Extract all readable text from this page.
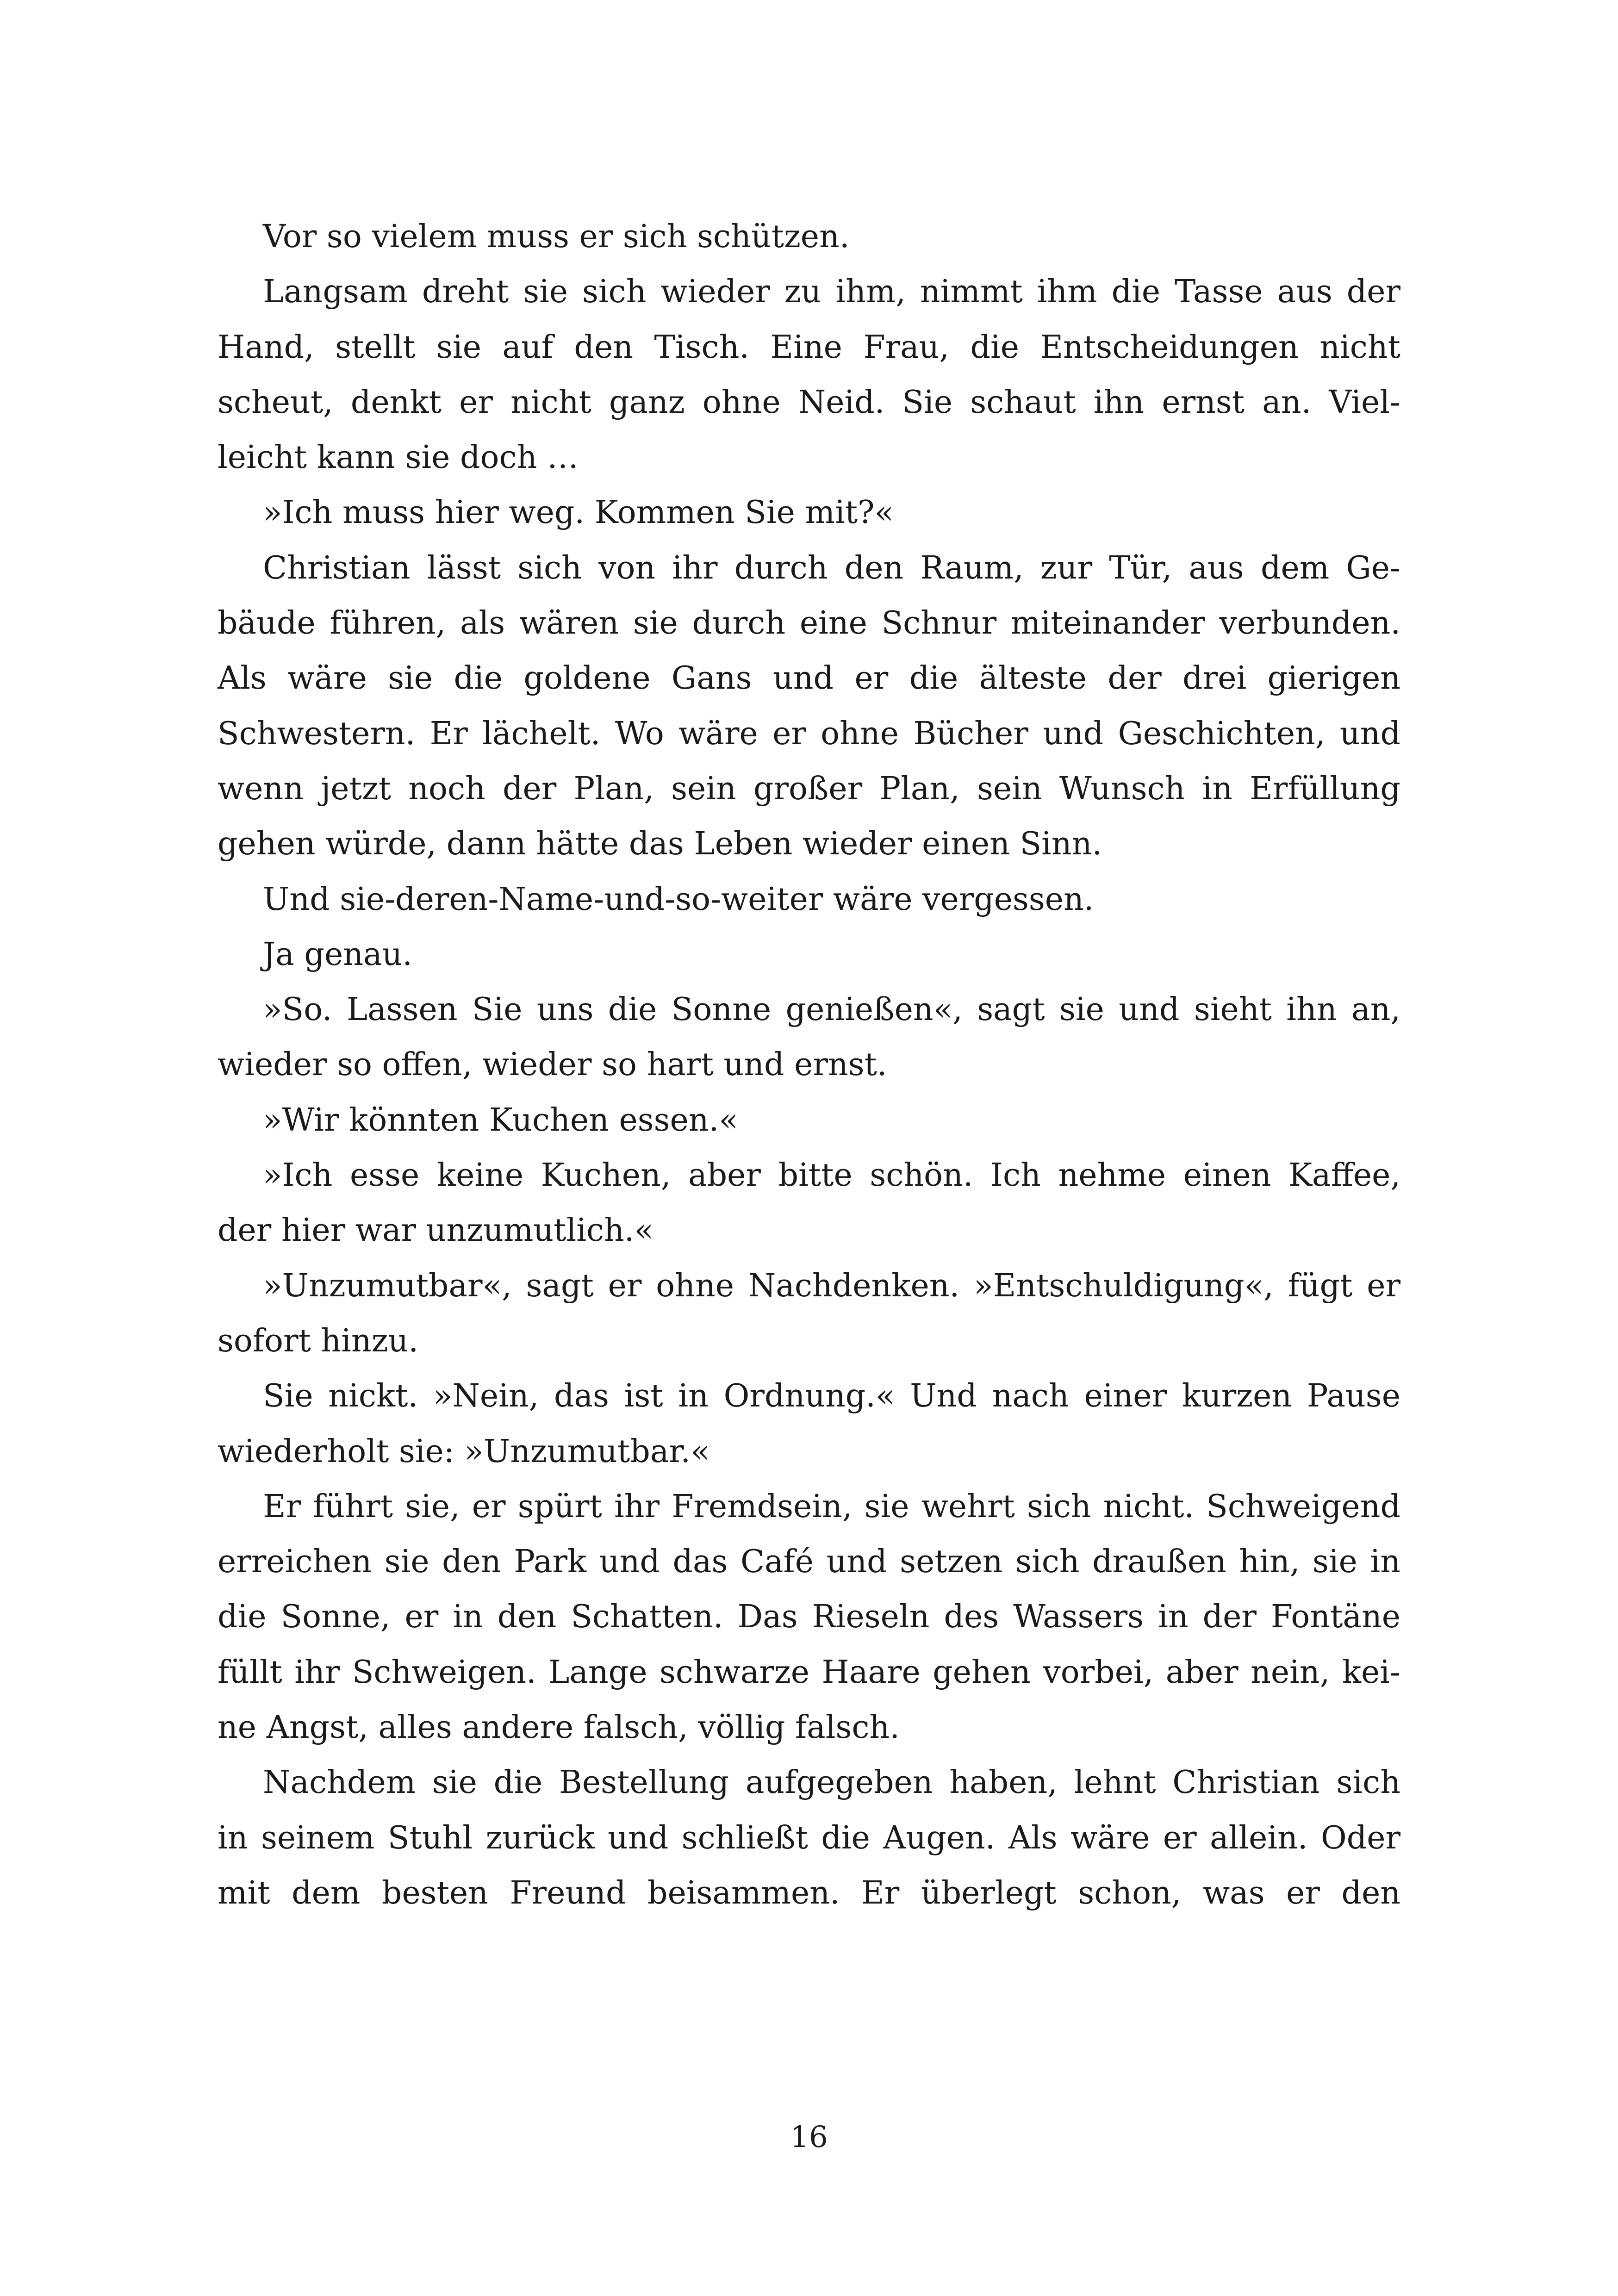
Vor so vielem muss er sich schützen.
Langsam dreht sie sich wieder zu ihm, nimmt ihm die Tasse aus der
Hand, stellt sie auf den Tisch. Eine Frau, die Entscheidungen nicht
scheut, denkt er nicht ganz ohne Neid. Sie schaut ihn ernst an. Viel-
leicht kann sie doch …
»Ich muss hier weg. Kommen Sie mit?«
Christian lässt sich von ihr durch den Raum, zur Tür, aus dem Ge-
bäude führen, als wären sie durch eine Schnur miteinander verbunden.
Als wäre sie die goldene Gans und er die älteste der drei gierigen
Schwestern. Er lächelt. Wo wäre er ohne Bücher und Geschichten, und
wenn jetzt noch der Plan, sein großer Plan, sein Wunsch in Erfüllung
gehen würde, dann hätte das Leben wieder einen Sinn.
Und sie-deren-Name-und-so-weiter wäre vergessen.
Ja genau.
»So. Lassen Sie uns die Sonne genießen«, sagt sie und sieht ihn an,
wieder so offen, wieder so hart und ernst.
»Wir könnten Kuchen essen.«
»Ich esse keine Kuchen, aber bitte schön. Ich nehme einen Kaffee,
der hier war unzumutlich.«
»Unzumutbar«, sagt er ohne Nachdenken. »Entschuldigung«, fügt er
sofort hinzu.
Sie nickt. »Nein, das ist in Ordnung.« Und nach einer kurzen Pause
wiederholt sie: »Unzumutbar.«
Er führt sie, er spürt ihr Fremdsein, sie wehrt sich nicht. Schweigend
erreichen sie den Park und das Café und setzen sich draußen hin, sie in
die Sonne, er in den Schatten. Das Rieseln des Wassers in der Fontäne
füllt ihr Schweigen. Lange schwarze Haare gehen vorbei, aber nein, kei-
ne Angst, alles andere falsch, völlig falsch.
Nachdem sie die Bestellung aufgegeben haben, lehnt Christian sich
in seinem Stuhl zurück und schließt die Augen. Als wäre er allein. Oder
mit dem besten Freund beisammen. Er überlegt schon, was er den
16
